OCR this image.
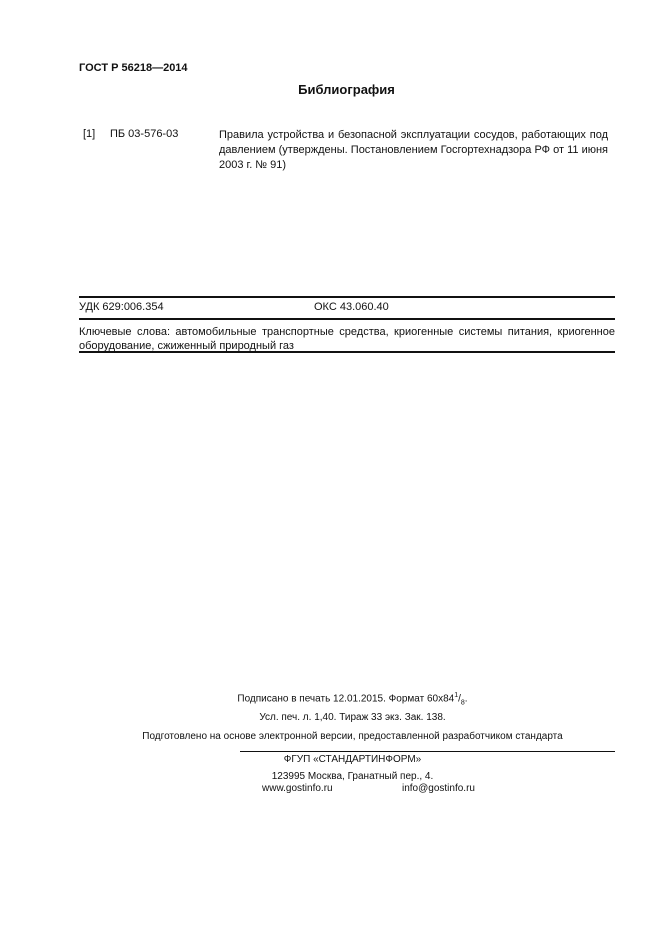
ГОСТ Р 56218—2014
Библиография
[1] ПБ 03-576-03	Правила устройства и безопасной эксплуатации сосудов, работающих под давлением (утверждены. Постановлением Госгортехнадзора РФ от 11 июня 2003 г. № 91)
УДК 629:006.354	ОКС 43.060.40
Ключевые слова: автомобильные транспортные средства, криогенные системы питания, криогенное оборудование, сжиженный природный газ
Подписано в печать 12.01.2015. Формат $60х84^1/_8$.
Усл. печ. л. 1,40. Тираж 33 экз. Зак. 138.
Подготовлено на основе электронной версии, предоставленной разработчиком стандарта
ФГУП «СТАНДАРТИНФОРМ»
123995 Москва, Гранатный пер., 4.
www.gostinfo.ru	info@gostinfo.ru
